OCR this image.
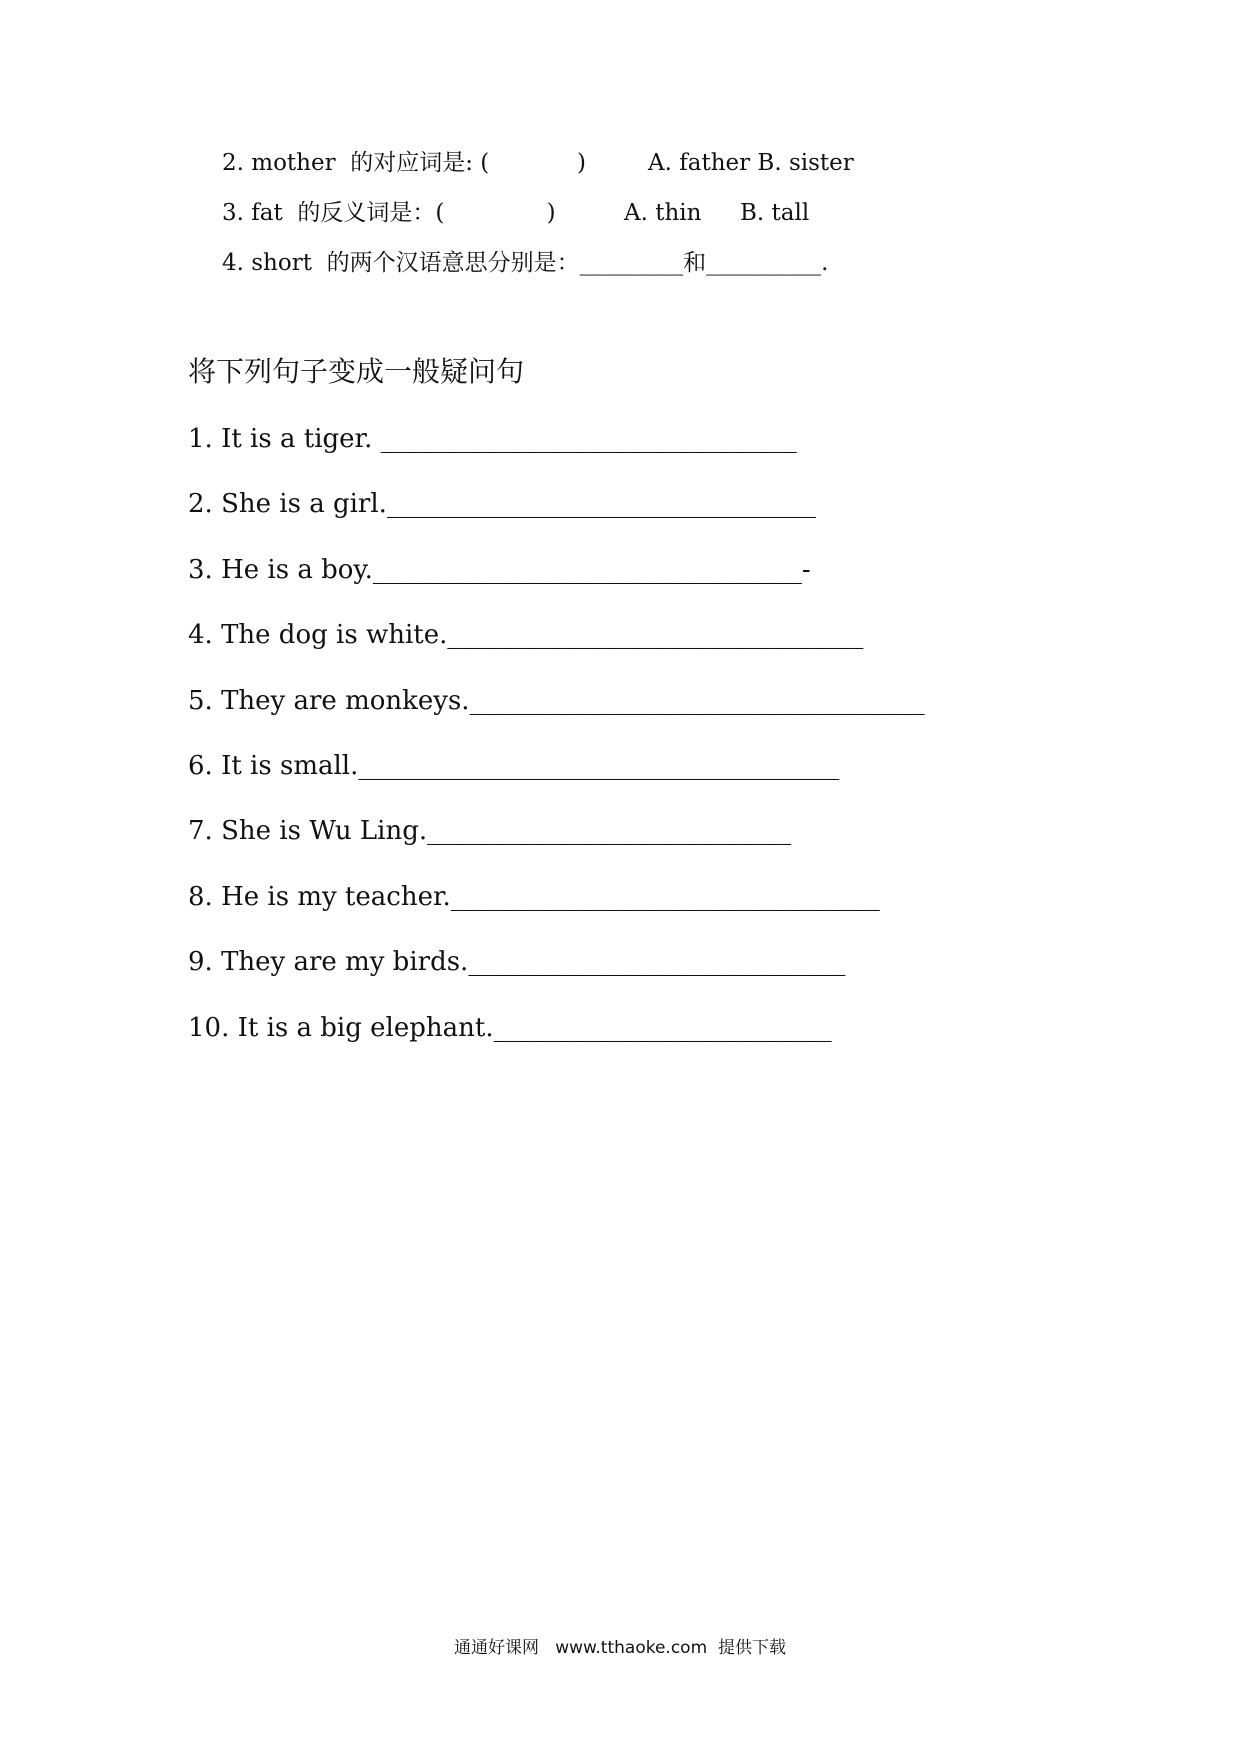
2. mother  的对应词是: (            )

	A. father B. sister

3. fat  的反义词是：(              )

	A. thin

B. tall

4. short  的两个汉语意思分别是：_________和__________.

将下列句子变成一般疑问句
1. It is a tiger. ________________________________
2. She is a girl._________________________________
3. He is a boy._________________________________-
4. The dog is white.________________________________
5. They are monkeys.___________________________________
6. It is small._____________________________________
7. She is Wu Ling.____________________________
8. He is my teacher._________________________________
9. They are my birds._____________________________
10. It is a big elephant.__________________________
通通好课网   www.tthaoke.com  提供下载
